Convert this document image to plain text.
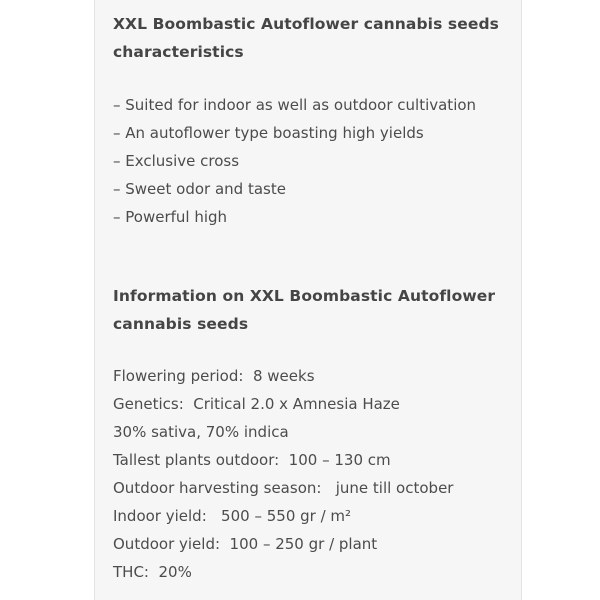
XXL Boombastic Autoflower cannabis seeds characteristics
– Suited for indoor as well as outdoor cultivation
– An autoflower type boasting high yields
– Exclusive cross
– Sweet odor and taste
– Powerful high
Information on XXL Boombastic Autoflower cannabis seeds
Flowering period:  8 weeks
Genetics:  Critical 2.0 x Amnesia Haze
30% sativa, 70% indica
Tallest plants outdoor:  100 – 130 cm
Outdoor harvesting season:   june till october
Indoor yield:   500 – 550 gr / m²
Outdoor yield:  100 – 250 gr / plant
THC:  20%
